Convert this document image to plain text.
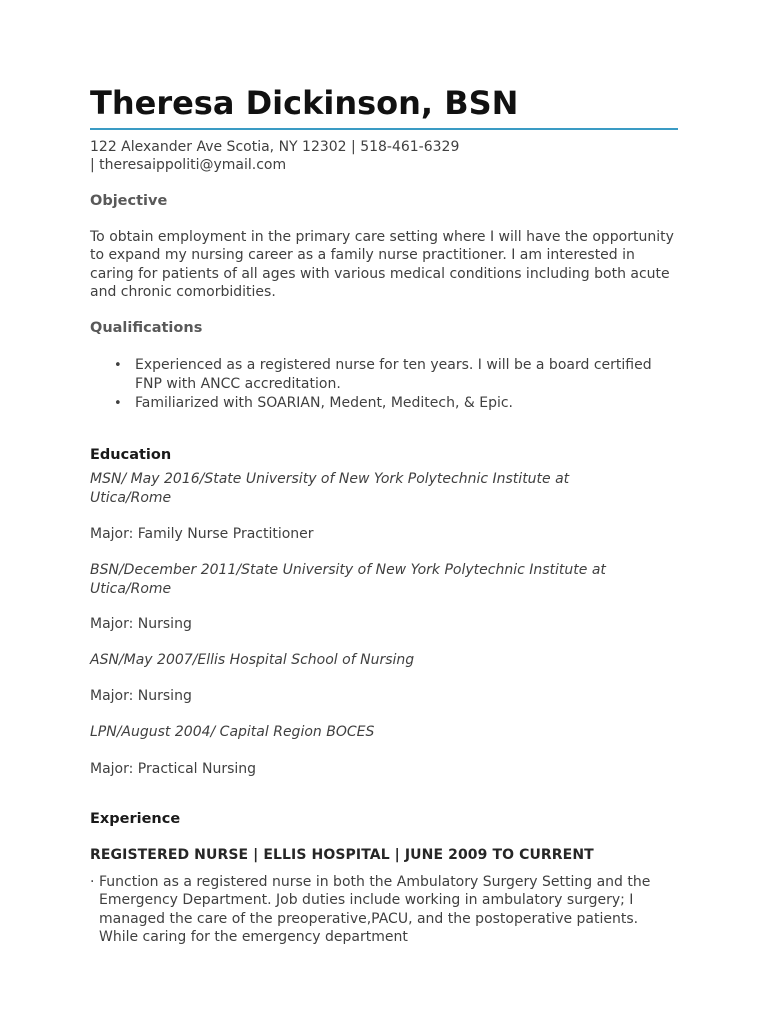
Theresa Dickinson, BSN

122 Alexander Ave Scotia, NY 12302 | 518-461-6329 | theresaippoliti@ymail.com

Objective

To obtain employment in the primary care setting where I will have the opportunity to expand my nursing career as a family nurse practitioner. I am interested in caring for patients of all ages with various medical conditions including both acute and chronic comorbidities.

Qualifications
• Experienced as a registered nurse for ten years. I will be a board certified FNP with ANCC accreditation.
• Familiarized with SOARIAN, Medent, Meditech, & Epic.
Education

MSN/ May 2016/State University of New York Polytechnic Institute at Utica/Rome

Major: Family Nurse Practitioner

BSN/December 2011/State University of New York Polytechnic Institute at Utica/Rome

Major: Nursing

ASN/May 2007/Ellis Hospital School of Nursing

Major: Nursing

LPN/August 2004/ Capital Region BOCES

Major: Practical Nursing

Experience

REGISTERED NURSE | ELLIS HOSPITAL | JUNE 2009 TO CURRENT

· Function as a registered nurse in both the Ambulatory Surgery Setting and the Emergency Department. Job duties include working in ambulatory surgery; I managed the care of the preoperative,PACU, and the postoperative patients. While caring for the emergency department
